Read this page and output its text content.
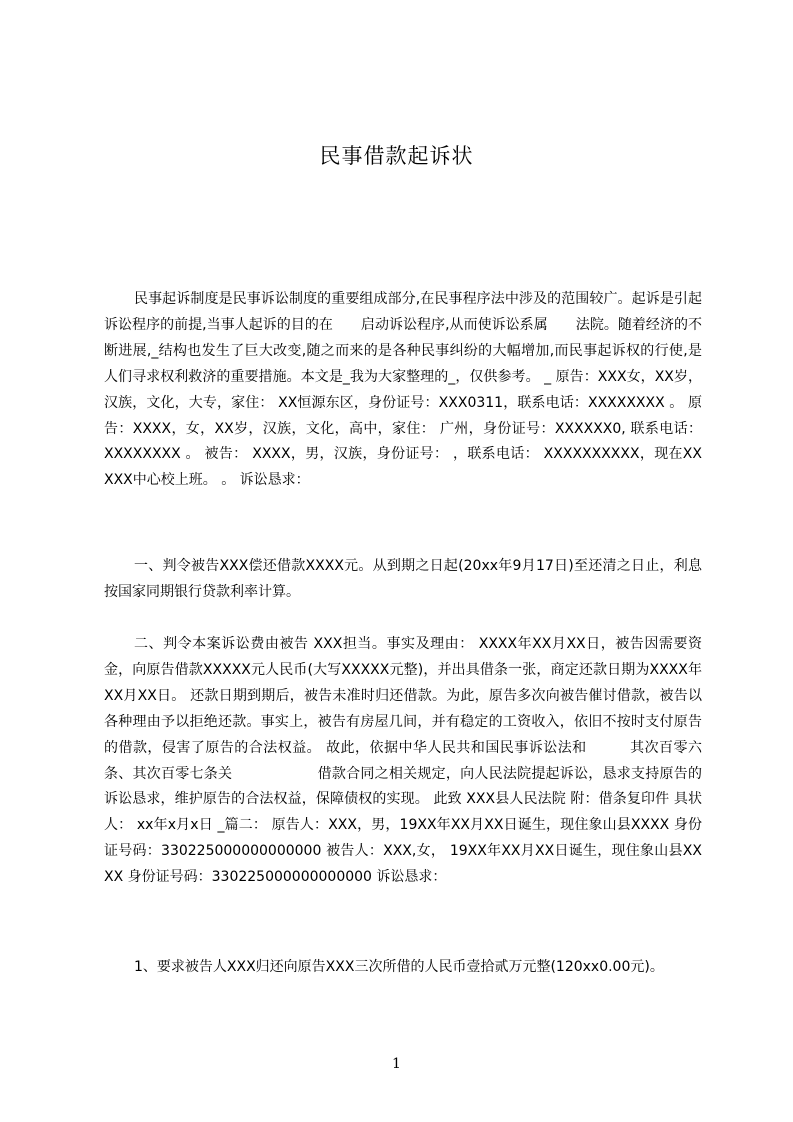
民事借款起诉状

民事起诉制度是民事诉讼制度的重要组成部分,在民事程序法中涉及的范围较广。起诉是引起诉讼程序的前提,当事人起诉的目的在　　启动诉讼程序,从而使诉讼系属　　法院。随着经济的不断进展,_结构也发生了巨大改变,随之而来的是各种民事纠纷的大幅增加,而民事起诉权的行使,是人们寻求权利救济的重要措施。本文是_我为大家整理的_，仅供参考。 _ 原告：XXX女，XX岁，汉族，文化，大专，家住： XX恒源东区，身份证号：XXX0311，联系电话：XXXXXXXX 。 原告：XXXX，女，XX岁，汉族，文化，高中，家住： 广州，身份证号：XXXXXX0, 联系电话： XXXXXXXX 。 被告： XXXX，男，汉族，身份证号： ，联系电话： XXXXXXXXXX，现在XXXXX中心校上班。 。 诉讼恳求：

一、判令被告XXX偿还借款XXXX元。从到期之日起(20xx年9月17日)至还清之日止，利息按国家同期银行贷款利率计算。

二、判令本案诉讼费由被告 XXX担当。事实及理由： XXXX年XX月XX日，被告因需要资金，向原告借款XXXXX元人民币(大写XXXXX元整)，并出具借条一张，商定还款日期为XXXX年XX月XX日。 还款日期到期后，被告未准时归还借款。为此，原告多次向被告催讨借款，被告以各种理由予以拒绝还款。事实上，被告有房屋几间，并有稳定的工资收入，依旧不按时支付原告的借款，侵害了原告的合法权益。 故此，依据中华人民共和国民事诉讼法和　　　其次百零六条、其次百零七条关　　　　　　借款合同之相关规定，向人民法院提起诉讼，恳求支持原告的诉讼恳求，维护原告的合法权益，保障债权的实现。 此致 XXX县人民法院 附：借条复印件 具状人： xx年x月x日 _篇二： 原告人：XXX，男，19XX年XX月XX日诞生，现住象山县XXXX 身份证号码：330225000000000000 被告人：XXX,女， 19XX年XX月XX日诞生，现住象山县XXXX 身份证号码：330225000000000000 诉讼恳求：

1、要求被告人XXX归还向原告XXX三次所借的人民币壹拾贰万元整(120xx0.00元)。

1
